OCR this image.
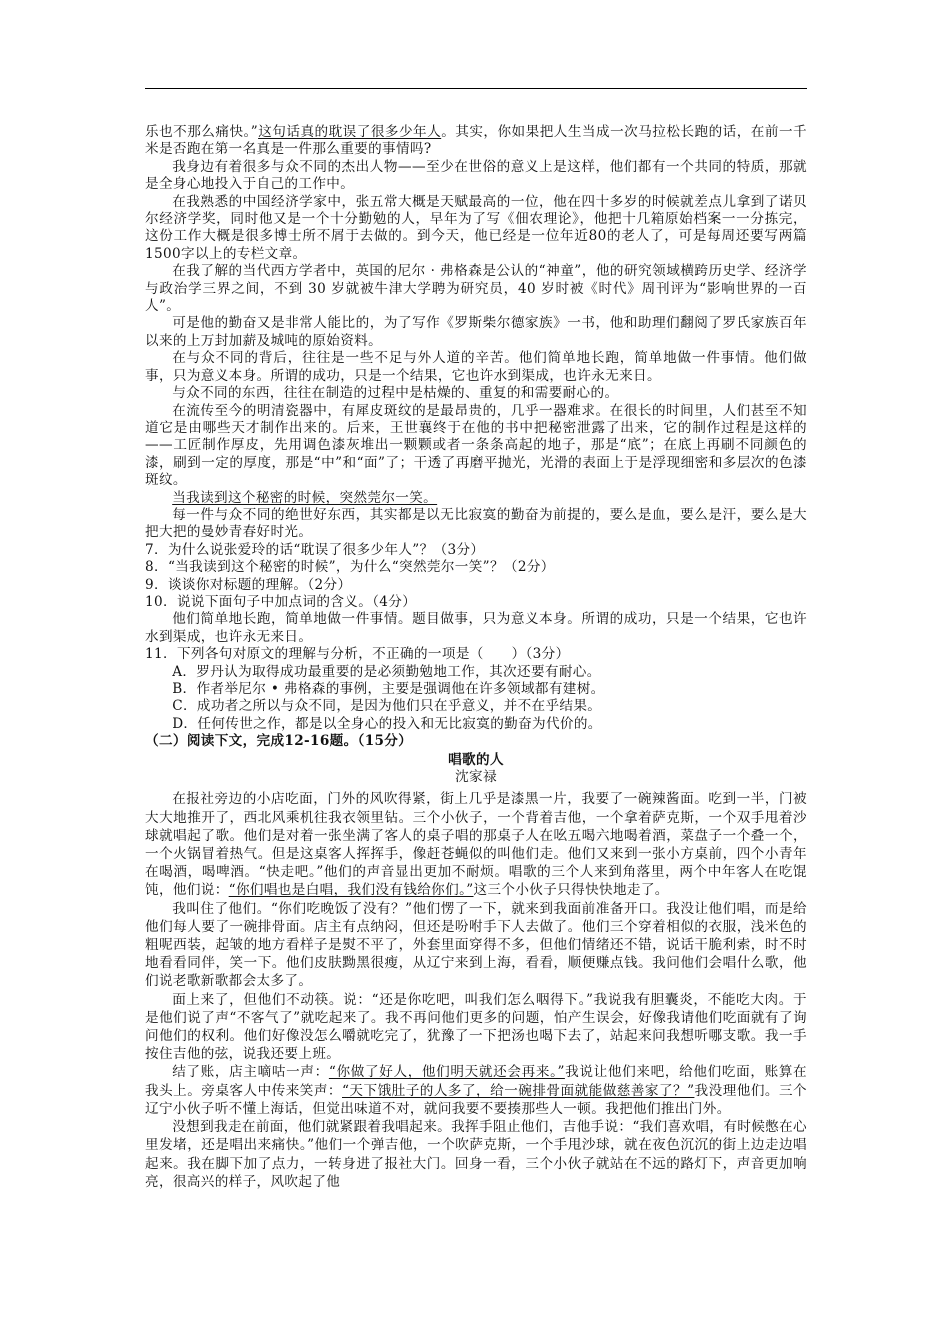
乐也不那么痛快。”这句话真的耽误了很多少年人。其实，你如果把人生当成一次马拉松长跑的话，在前一千米是否跑在第一名真是一件那么重要的事情吗?

我身边有着很多与众不同的杰出人物——至少在世俗的意义上是这样，他们都有一个共同的特质，那就是全身心地投入于自己的工作中。

在我熟悉的中国经济学家中，张五常大概是天赋最高的一位，他在四十多岁的时候就差点儿拿到了诺贝尔经济学奖，同时他又是一个十分勤勉的人，早年为了写《佃农理论》，他把十几箱原始档案一一分拣完，这份工作大概是很多博士所不屑于去做的。到今天，他已经是一位年近80的老人了，可是每周还要写两篇1500字以上的专栏文章。

在我了解的当代西方学者中，英国的尼尔 · 弗格森是公认的“神童”，他的研究领域横跨历史学、经济学与政治学三界之间，不到 30 岁就被牛津大学聘为研究员，40 岁时被《时代》周刊评为“影响世界的一百人”。

可是他的勤奋又是非常人能比的，为了写作《罗斯柴尔德家族》一书，他和助理们翻阅了罗氏家族百年以来的上万封加薪及城吨的原始资料。

在与众不同的背后，往往是一些不足与外人道的辛苦。他们简单地长跑，简单地做一件事情。他们做事，只为意义本身。所谓的成功，只是一个结果，它也许水到渠成，也许永无来日。

与众不同的东西，往往在制造的过程中是枯燥的、重复的和需要耐心的。

在流传至今的明清瓷器中，有犀皮斑纹的是最昂贵的，几乎一器难求。在很长的时间里，人们甚至不知道它是由哪些天才制作出来的。后来，王世襄终于在他的书中把秘密泄露了出来，它的制作过程是这样的——工匠制作厚皮，先用调色漆灰堆出一颗颗或者一条条高起的地子，那是“底”；在底上再刷不同颜色的漆，刷到一定的厚度，那是“中”和“面”了；干透了再磨平抛光，光滑的表面上于是浮现细密和多层次的色漆斑纹。

当我读到这个秘密的时候，突然莞尔一笑。

每一件与众不同的绝世好东西，其实都是以无比寂寞的勤奋为前提的，要么是血，要么是汗，要么是大把大把的曼妙青春好时光。

7．为什么说张爱玲的话“耽误了很多少年人”？（3分）

8．“当我读到这个秘密的时候”，为什么“突然莞尔一笑”？（2分）

9．谈谈你对标题的理解。（2分）

10．说说下面句子中加点词的含义。（4分）

他们简单地长跑，简单地做一件事情。题目做事，只为意义本身。所谓的成功，只是一个结果，它也许水到渠成，也许永无来日。

11．下列各句对原文的理解与分析，不正确的一项是（　　）（3分）

A．罗丹认为取得成功最重要的是必须勤勉地工作，其次还要有耐心。

B．作者举尼尔 • 弗格森的事例，主要是强调他在许多领域都有建树。

C．成功者之所以与众不同，是因为他们只在乎意义，并不在乎结果。

D．任何传世之作，都是以全身心的投入和无比寂寞的勤奋为代价的。

（二）阅读下文，完成12-16题。（15分）

唱歌的人

沈家禄

在报社旁边的小店吃面，门外的风吹得紧，街上几乎是漆黑一片，我要了一碗辣酱面。吃到一半，门被大大地推开了，西北风乘机往我衣领里钻。三个小伙子，一个背着吉他，一个拿着萨克斯，一个双手甩着沙球就唱起了歌。他们是对着一张坐满了客人的桌子唱的那桌子人在吆五喝六地喝着酒，菜盘子一个叠一个，一个火锅冒着热气。但是这桌客人挥挥手，像赶苍蝇似的叫他们走。他们又来到一张小方桌前，四个小青年在喝酒，喝啤酒。“快走吧。”他们的声音显出更加不耐烦。唱歌的三个人来到角落里，两个中年客人在吃馄饨，他们说：“你们唱也是白唱，我们没有钱给你们。”这三个小伙子只得快快地走了。

我叫住了他们。“你们吃晚饭了没有？”他们愣了一下，就来到我面前准备开口。我没让他们唱，而是给他们每人要了一碗排骨面。店主有点纳闷，但还是吩咐手下人去做了。他们三个穿着相似的衣服，浅米色的粗呢西装，起皱的地方看样子是熨不平了，外套里面穿得不多，但他们情绪还不错，说话干脆利索，时不时地看看同伴，笑一下。他们皮肤黝黑很瘦，从辽宁来到上海，看看，顺便赚点钱。我问他们会唱什么歌，他们说老歌新歌都会太多了。

面上来了，但他们不动筷。说：“还是你吃吧，叫我们怎么咽得下。”我说我有胆囊炎，不能吃大肉。于是他们说了声“不客气了”就吃起来了。我不再问他们更多的问题，怕产生误会，好像我请他们吃面就有了询问他们的权利。他们好像没怎么嚼就吃完了，犹豫了一下把汤也喝下去了，站起来问我想听哪支歌。我一手按住吉他的弦，说我还要上班。

结了账，店主嘀咕一声：“你做了好人，他们明天就还会再来。”我说让他们来吧，给他们吃面，账算在我头上。旁桌客人中传来笑声：“天下饿肚子的人多了，给一碗排骨面就能做慈善家了？”我没理他们。三个辽宁小伙子听不懂上海话，但觉出味道不对，就问我要不要揍那些人一顿。我把他们推出门外。

没想到我走在前面，他们就紧跟着我唱起来。我挥手阻止他们，吉他手说：“我们喜欢唱，有时候憋在心里发堵，还是唱出来痛快。”他们一个弹吉他，一个吹萨克斯，一个手甩沙球，就在夜色沉沉的街上边走边唱起来。我在脚下加了点力，一转身进了报社大门。回身一看，三个小伙子就站在不远的路灯下，声音更加响亮，很高兴的样子，风吹起了他
